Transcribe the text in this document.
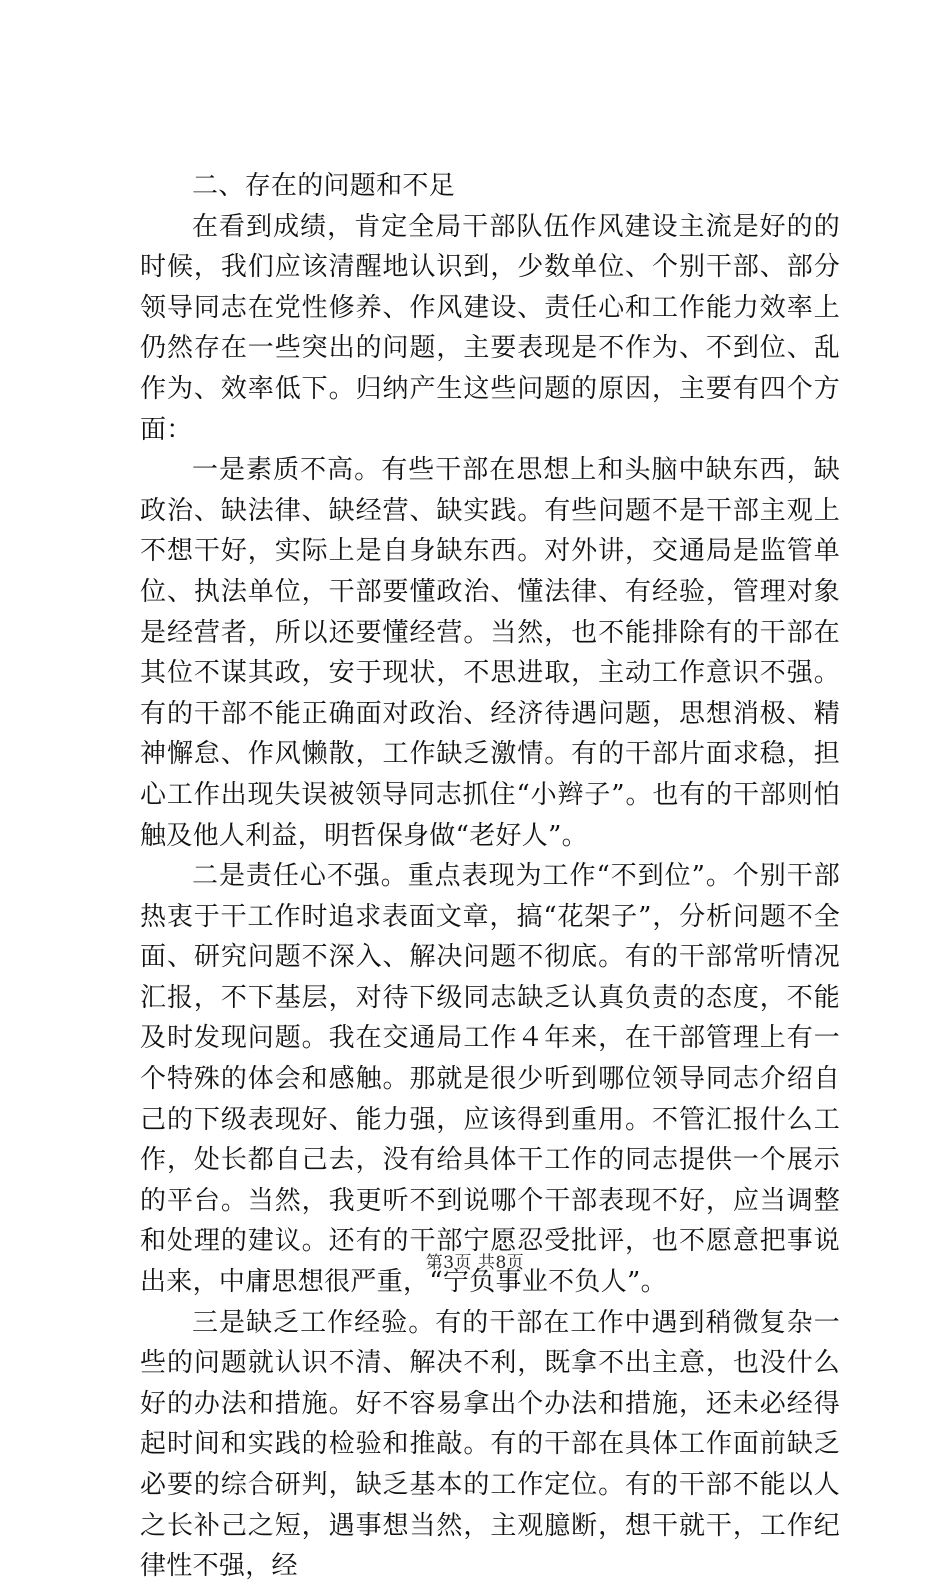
二、存在的问题和不足

在看到成绩，肯定全局干部队伍作风建设主流是好的的时候，我们应该清醒地认识到，少数单位、个别干部、部分领导同志在党性修养、作风建设、责任心和工作能力效率上仍然存在一些突出的问题，主要表现是不作为、不到位、乱作为、效率低下。归纳产生这些问题的原因，主要有四个方面：

一是素质不高。有些干部在思想上和头脑中缺东西，缺政治、缺法律、缺经营、缺实践。有些问题不是干部主观上不想干好，实际上是自身缺东西。对外讲，交通局是监管单位、执法单位，干部要懂政治、懂法律、有经验，管理对象是经营者，所以还要懂经营。当然，也不能排除有的干部在其位不谋其政，安于现状，不思进取，主动工作意识不强。有的干部不能正确面对政治、经济待遇问题，思想消极、精神懈怠、作风懒散，工作缺乏激情。有的干部片面求稳，担心工作出现失误被领导同志抓住“小辫子”。也有的干部则怕触及他人利益，明哲保身做“老好人”。

二是责任心不强。重点表现为工作“不到位”。个别干部热衷于干工作时追求表面文章，搞“花架子”，分析问题不全面、研究问题不深入、解决问题不彻底。有的干部常听情况汇报，不下基层，对待下级同志缺乏认真负责的态度，不能及时发现问题。我在交通局工作４年来，在干部管理上有一个特殊的体会和感触。那就是很少听到哪位领导同志介绍自己的下级表现好、能力强，应该得到重用。不管汇报什么工作，处长都自己去，没有给具体干工作的同志提供一个展示的平台。当然，我更听不到说哪个干部表现不好，应当调整和处理的建议。还有的干部宁愿忍受批评，也不愿意把事说出来，中庸思想很严重，“宁负事业不负人”。

三是缺乏工作经验。有的干部在工作中遇到稍微复杂一些的问题就认识不清、解决不利，既拿不出主意，也没什么好的办法和措施。好不容易拿出个办法和措施，还未必经得起时间和实践的检验和推敲。有的干部在具体工作面前缺乏必要的综合研判，缺乏基本的工作定位。有的干部不能以人之长补己之短，遇事想当然，主观臆断，想干就干，工作纪律性不强，经

第3页 共8页
